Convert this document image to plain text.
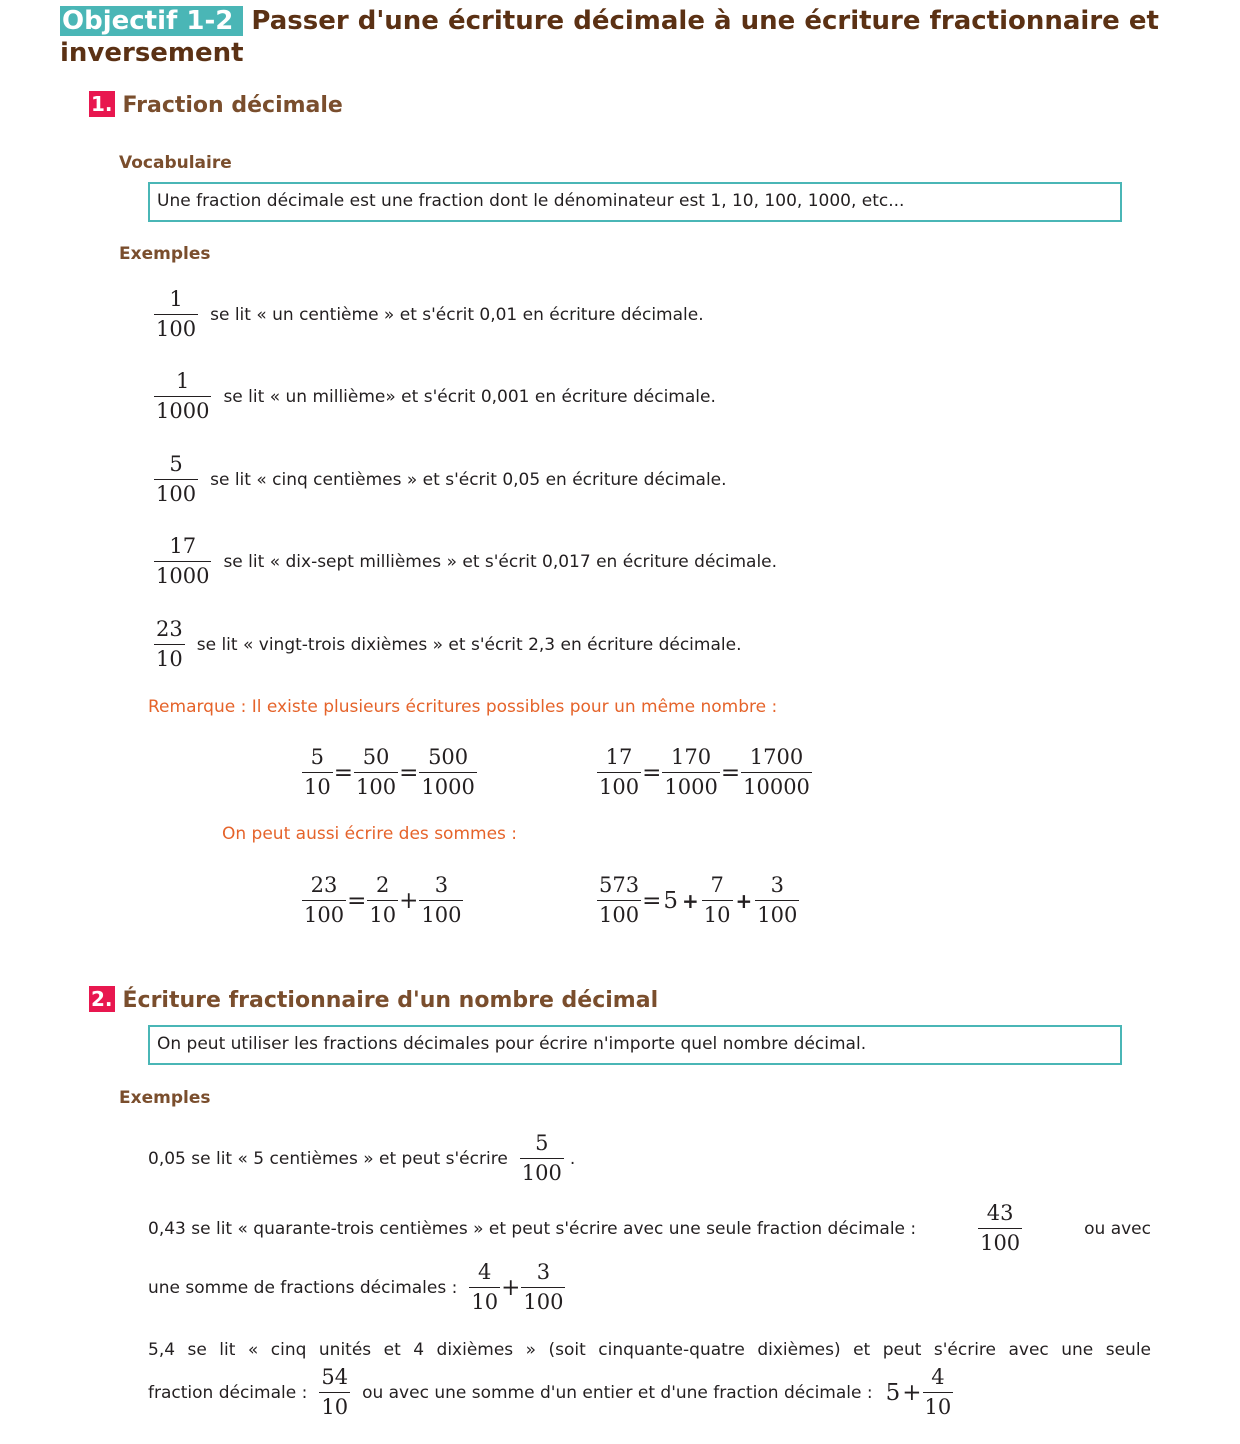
Objectif 1-2 Passer d'une écriture décimale à une écriture fractionnaire et inversement
1. Fraction décimale
Vocabulaire
Une fraction décimale est une fraction dont le dénominateur est 1, 10, 100, 1000, etc...
Exemples
$\frac{1}{100}$ se lit « un centième » et s'écrit 0,01 en écriture décimale.
$\frac{1}{1000}$ se lit « un millième» et s'écrit 0,001 en écriture décimale.
$\frac{5}{100}$ se lit « cinq centièmes » et s'écrit 0,05 en écriture décimale.
$\frac{17}{1000}$ se lit « dix-sept millièmes » et s'écrit 0,017 en écriture décimale.
$\frac{23}{10}$ se lit « vingt-trois dixièmes » et s'écrit 2,3 en écriture décimale.
Remarque : Il existe plusieurs écritures possibles pour un même nombre :
$\frac{5}{10} = \frac{50}{100} = \frac{500}{1000}$	$\frac{17}{100} = \frac{170}{1000} = \frac{1700}{10000}$
On peut aussi écrire des sommes :
$\frac{23}{100} = \frac{2}{10} + \frac{3}{100}$	$\frac{573}{100} = 5 + \frac{7}{10} + \frac{3}{100}$
2. Écriture fractionnaire d'un nombre décimal
On peut utiliser les fractions décimales pour écrire n'importe quel nombre décimal.
Exemples
0,05 se lit « 5 centièmes » et peut s'écrire $\frac{5}{100}$ .
0,43 se lit « quarante-trois centièmes » et peut s'écrire avec une seule fraction décimale :	$\frac{43}{100}$	ou avec
une somme de fractions décimales : $\frac{4}{10} + \frac{3}{100}$
5,4 se lit « cinq unités et 4 dixièmes » (soit cinquante-quatre dixièmes) et peut s'écrire avec une seule
fraction décimale : $\frac{54}{10}$ ou avec une somme d'un entier et d'une fraction décimale : $5 + \frac{4}{10}$
